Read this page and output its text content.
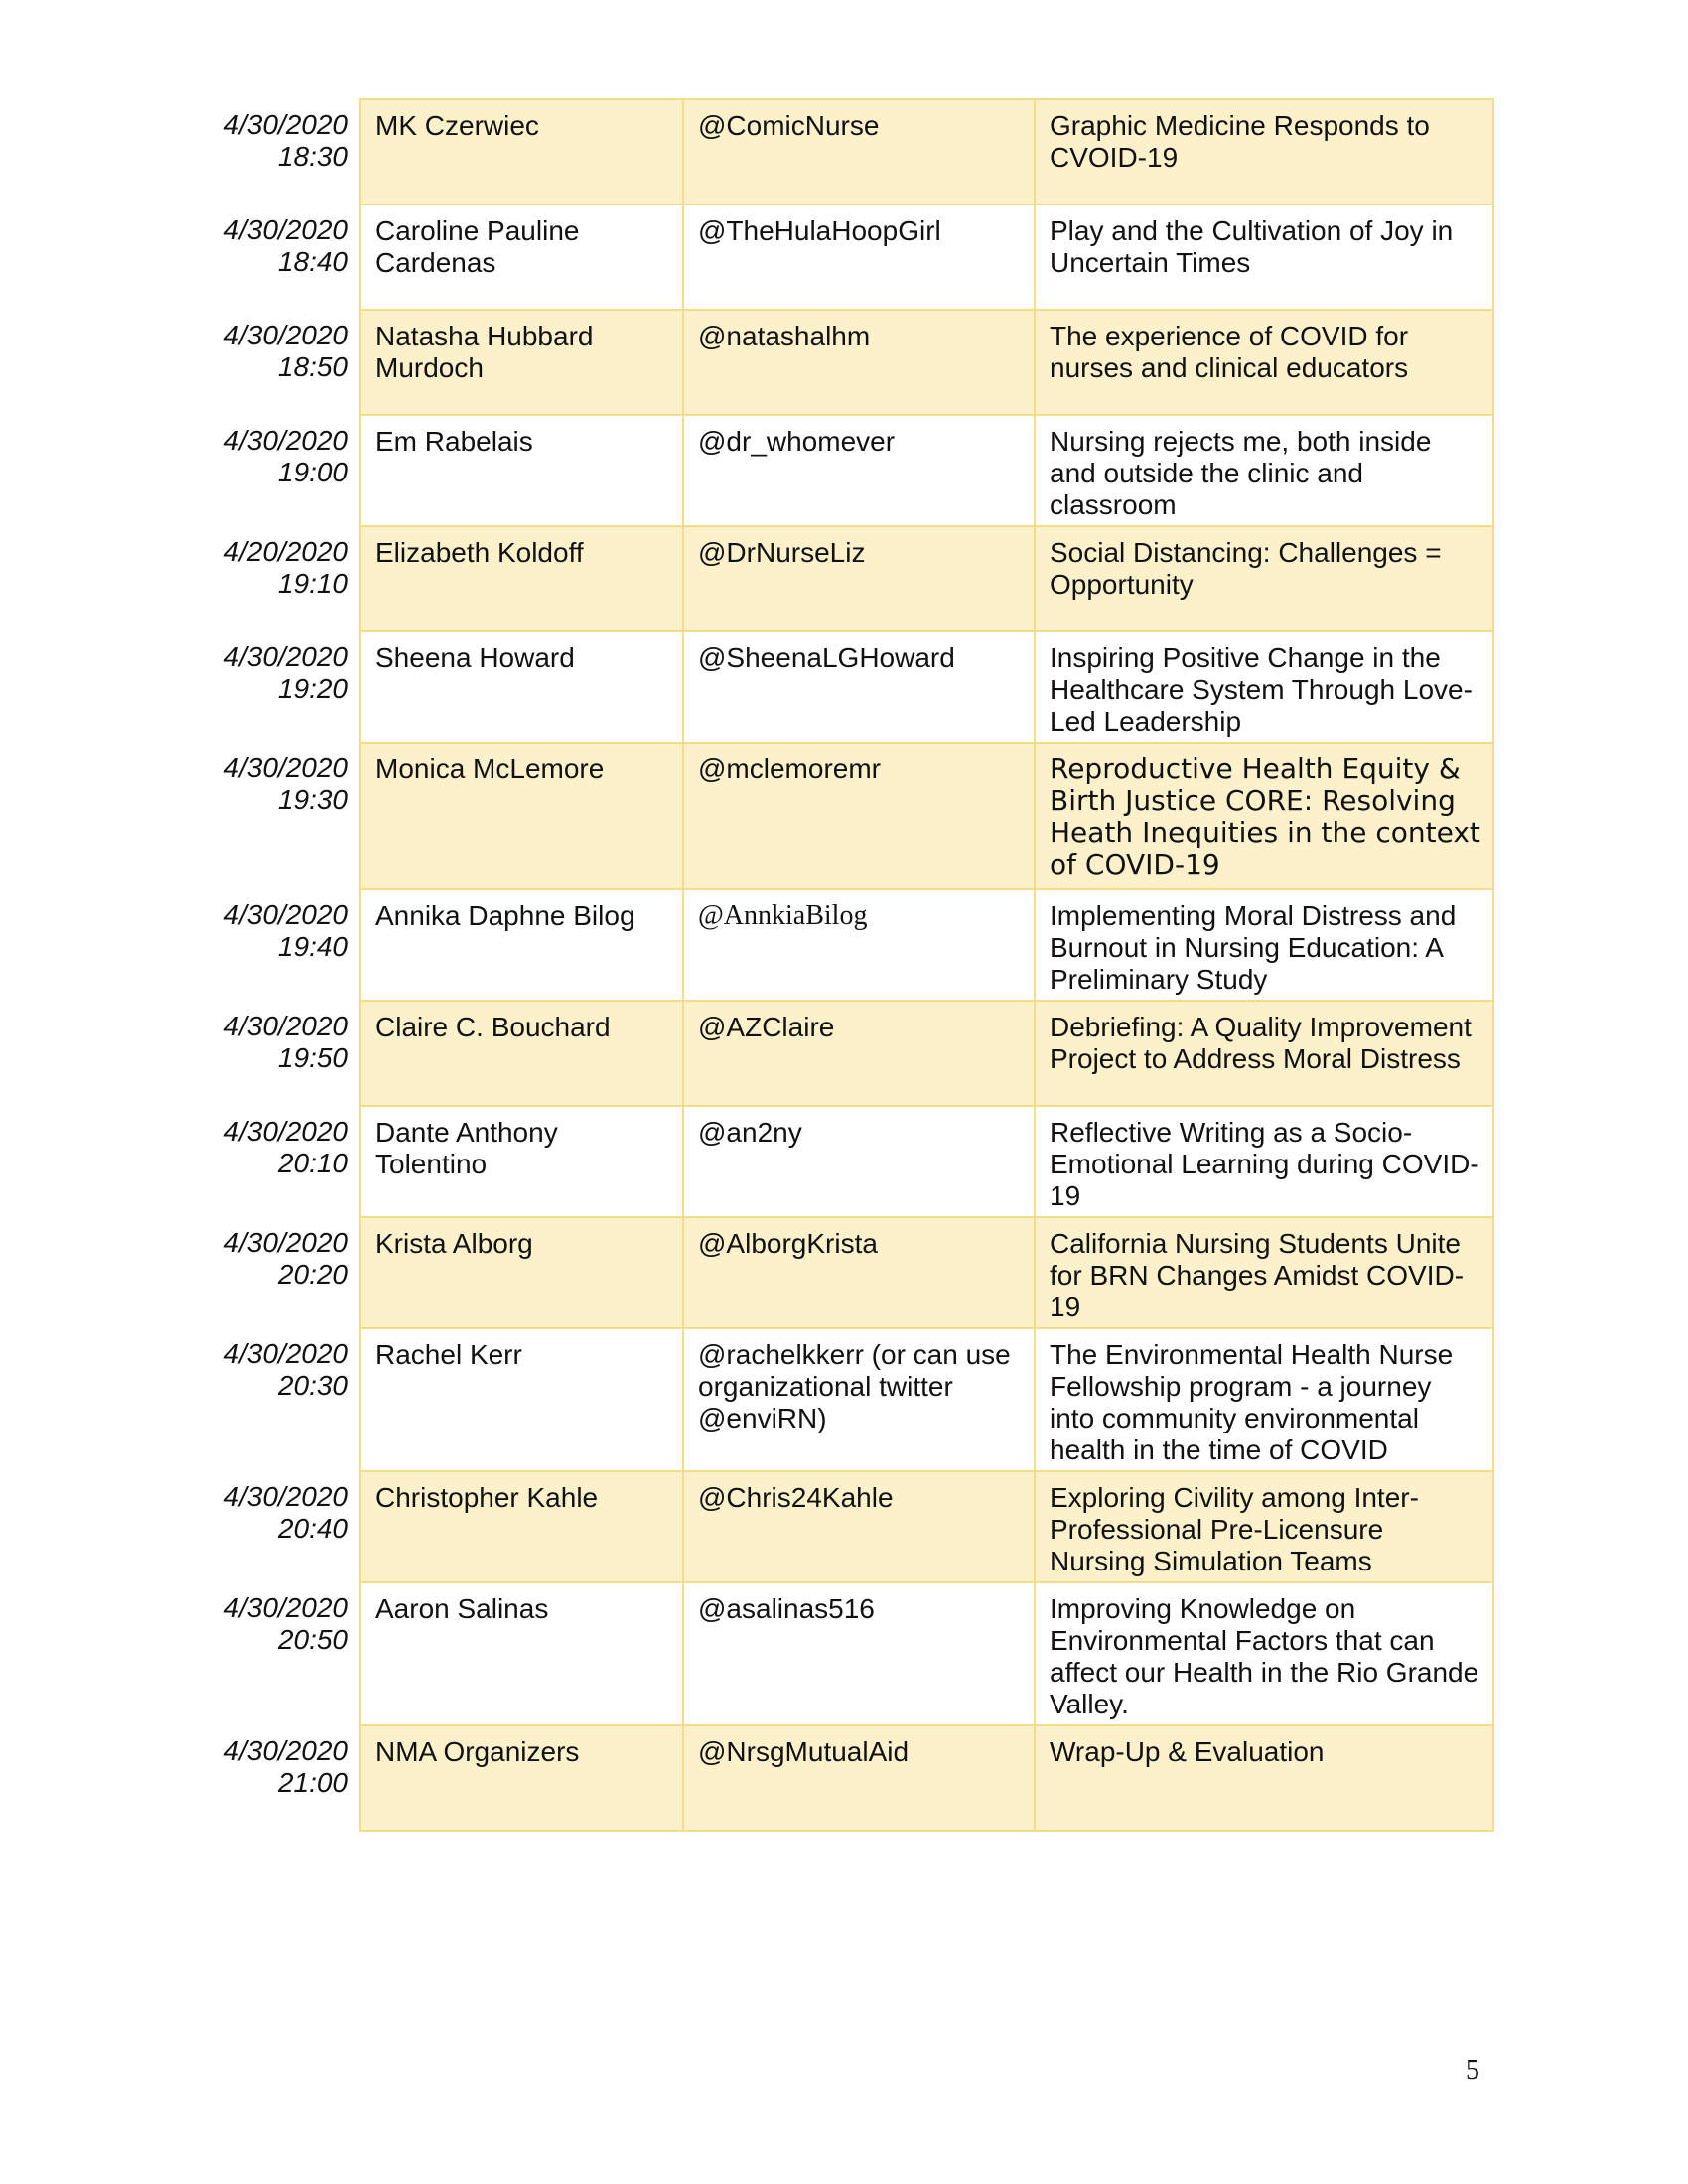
4/30/2020
18:30	MK Czerwiec	@ComicNurse	Graphic Medicine Responds to CVOID-19

4/30/2020
18:40	Caroline Pauline Cardenas	@TheHulaHoopGirl	Play and the Cultivation of Joy in Uncertain Times

4/30/2020
18:50	Natasha Hubbard Murdoch	@natashalhm	The experience of COVID for nurses and clinical educators

4/30/2020
19:00	Em Rabelais	@dr_whomever	Nursing rejects me, both inside and outside the clinic and classroom

4/20/2020
19:10	Elizabeth Koldoff	@DrNurseLiz	Social Distancing: Challenges = Opportunity

4/30/2020
19:20	Sheena Howard	@SheenaLGHoward	Inspiring Positive Change in the Healthcare System Through Love-Led Leadership

4/30/2020
19:30	Monica McLemore	@mclemoremr	Reproductive Health Equity & Birth Justice CORE: Resolving Heath Inequities in the context of COVID-19

4/30/2020
19:40	Annika Daphne Bilog	@AnnkiaBilog	Implementing Moral Distress and Burnout in Nursing Education: A Preliminary Study

4/30/2020
19:50	Claire C. Bouchard	@AZClaire	Debriefing: A Quality Improvement Project to Address Moral Distress

4/30/2020
20:10	Dante Anthony Tolentino	@an2ny	Reflective Writing as a Socio-Emotional Learning during COVID-19

4/30/2020
20:20	Krista Alborg	@AlborgKrista	California Nursing Students Unite for BRN Changes Amidst COVID-19

4/30/2020
20:30	Rachel Kerr	@rachelkkerr (or can use organizational twitter @enviRN)	The Environmental Health Nurse Fellowship program - a journey into community environmental health in the time of COVID

4/30/2020
20:40	Christopher Kahle	@Chris24Kahle	Exploring Civility among Inter-Professional Pre-Licensure Nursing Simulation Teams

4/30/2020
20:50	Aaron Salinas	@asalinas516	Improving Knowledge on Environmental Factors that can affect our Health in the Rio Grande Valley.

4/30/2020
21:00	NMA Organizers	@NrsgMutualAid	Wrap-Up & Evaluation
5
